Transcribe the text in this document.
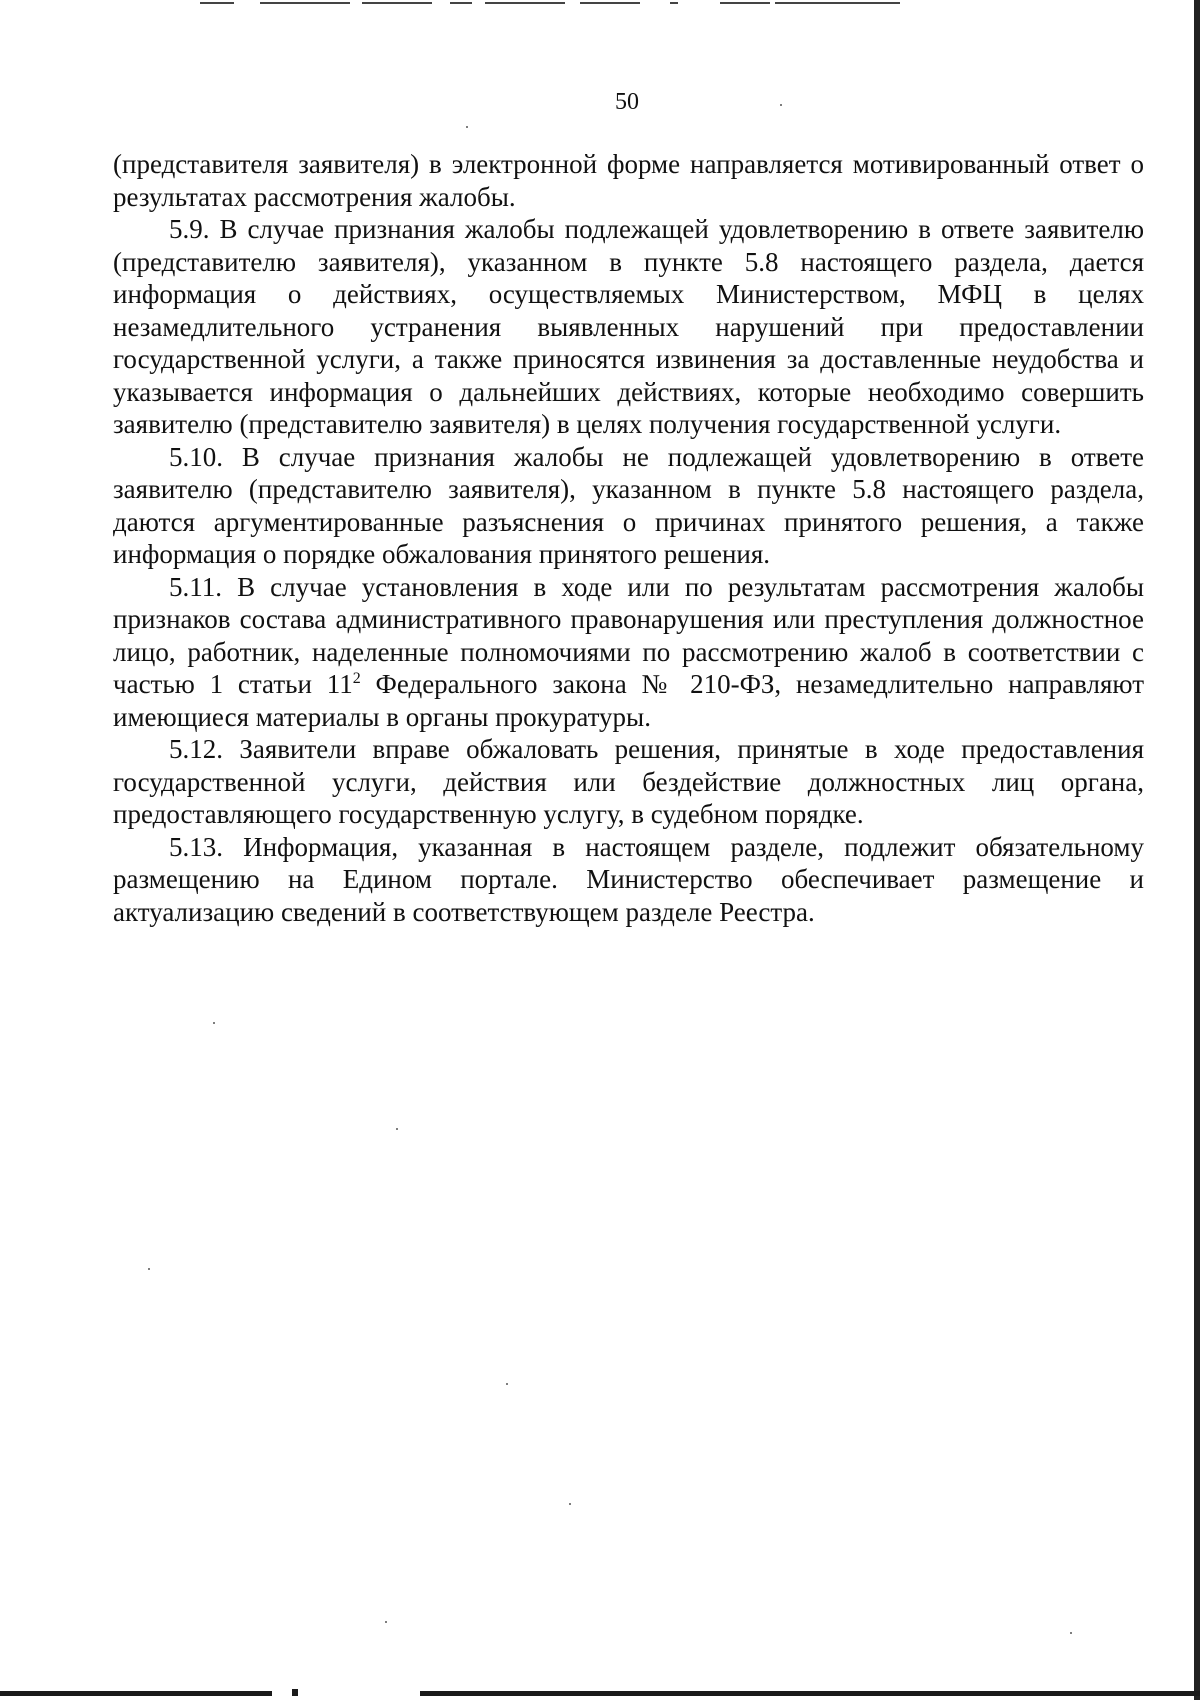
50

(представителя заявителя) в электронной форме направляется мотивированный ответ о результатах рассмотрения жалобы.

5.9. В случае признания жалобы подлежащей удовлетворению в ответе заявителю (представителю заявителя), указанном в пункте 5.8 настоящего раздела, дается информация о действиях, осуществляемых Министерством, МФЦ в целях незамедлительного устранения выявленных нарушений при предоставлении государственной услуги, а также приносятся извинения за доставленные неудобства и указывается информация о дальнейших действиях, которые необходимо совершить заявителю (представителю заявителя) в целях получения государственной услуги.

5.10. В случае признания жалобы не подлежащей удовлетворению в ответе заявителю (представителю заявителя), указанном в пункте 5.8 настоящего раздела, даются аргументированные разъяснения о причинах принятого решения, а также информация о порядке обжалования принятого решения.

5.11. В случае установления в ходе или по результатам рассмотрения жалобы признаков состава административного правонарушения или преступления должностное лицо, работник, наделенные полномочиями по рассмотрению жалоб в соответствии с частью 1 статьи $11^2$ Федерального закона № 210-ФЗ, незамедлительно направляют имеющиеся материалы в органы прокуратуры.

5.12. Заявители вправе обжаловать решения, принятые в ходе предоставления государственной услуги, действия или бездействие должностных лиц органа, предоставляющего государственную услугу, в судебном порядке.

5.13. Информация, указанная в настоящем разделе, подлежит обязательному размещению на Едином портале. Министерство обеспечивает размещение и актуализацию сведений в соответствующем разделе Реестра.
